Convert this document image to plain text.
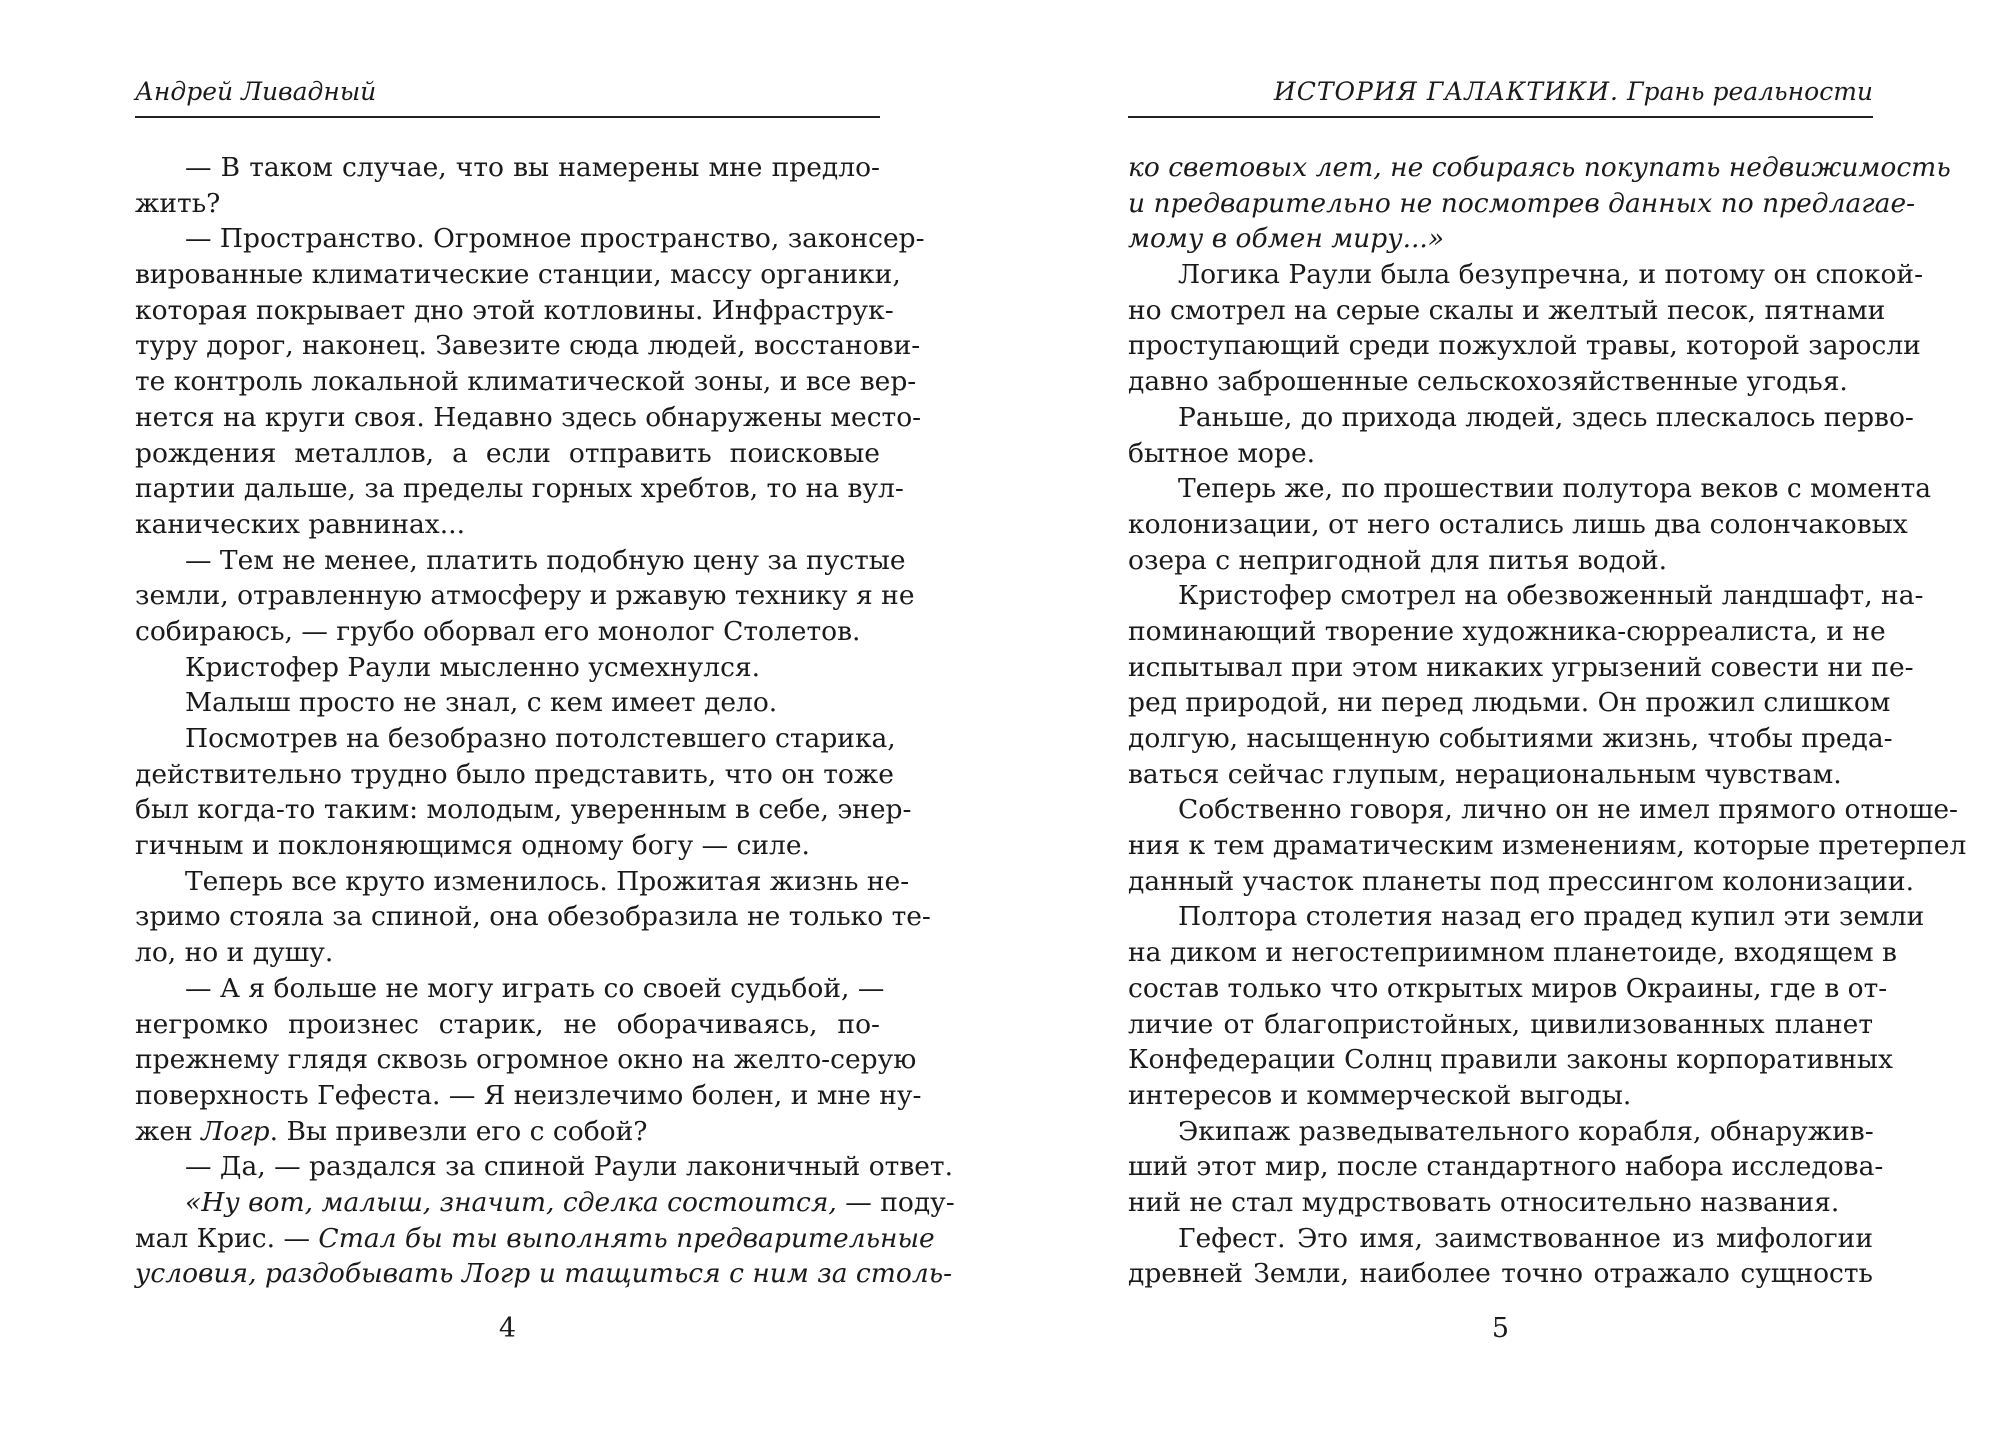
Андрей Ливадный
— В таком случае, что вы намерены мне предло-
жить?
— Пространство. Огромное пространство, законсер-
вированные климатические станции, массу органики,
которая покрывает дно этой котловины. Инфраструк-
туру дорог, наконец. Завезите сюда людей, восстанови-
те контроль локальной климатической зоны, и все вер-
нется на круги своя. Недавно здесь обнаружены место-
рождения металлов, а если отправить поисковые
партии дальше, за пределы горных хребтов, то на вул-
канических равнинах...
— Тем не менее, платить подобную цену за пустые
земли, отравленную атмосферу и ржавую технику я не
собираюсь, — грубо оборвал его монолог Столетов.
Кристофер Раули мысленно усмехнулся.
Малыш просто не знал, с кем имеет дело.
Посмотрев на безобразно потолстевшего старика,
действительно трудно было представить, что он тоже
был когда-то таким: молодым, уверенным в себе, энер-
гичным и поклоняющимся одному богу — силе.
Теперь все круто изменилось. Прожитая жизнь не-
зримо стояла за спиной, она обезобразила не только те-
ло, но и душу.
— А я больше не могу играть со своей судьбой, —
негромко произнес старик, не оборачиваясь, по-
прежнему глядя сквозь огромное окно на желто-серую
поверхность Гефеста. — Я неизлечимо болен, и мне ну-
жен Логр. Вы привезли его с собой?
— Да, — раздался за спиной Раули лаконичный ответ.
«Ну вот, малыш, значит, сделка состоится, — поду-
мал Крис. — Стал бы ты выполнять предварительные
условия, раздобывать Логр и тащиться с ним за столь-
4
ИСТОРИЯ ГАЛАКТИКИ. Грань реальности
ко световых лет, не собираясь покупать недвижимость
и предварительно не посмотрев данных по предлагае-
мому в обмен миру...»
Логика Раули была безупречна, и потому он спокой-
но смотрел на серые скалы и желтый песок, пятнами
проступающий среди пожухлой травы, которой заросли
давно заброшенные сельскохозяйственные угодья.
Раньше, до прихода людей, здесь плескалось перво-
бытное море.
Теперь же, по прошествии полутора веков с момента
колонизации, от него остались лишь два солончаковых
озера с непригодной для питья водой.
Кристофер смотрел на обезвоженный ландшафт, на-
поминающий творение художника-сюрреалиста, и не
испытывал при этом никаких угрызений совести ни пе-
ред природой, ни перед людьми. Он прожил слишком
долгую, насыщенную событиями жизнь, чтобы преда-
ваться сейчас глупым, нерациональным чувствам.
Собственно говоря, лично он не имел прямого отноше-
ния к тем драматическим изменениям, которые претерпел
данный участок планеты под прессингом колонизации.
Полтора столетия назад его прадед купил эти земли
на диком и негостеприимном планетоиде, входящем в
состав только что открытых миров Окраины, где в от-
личие от благопристойных, цивилизованных планет
Конфедерации Солнц правили законы корпоративных
интересов и коммерческой выгоды.
Экипаж разведывательного корабля, обнаружив-
ший этот мир, после стандартного набора исследова-
ний не стал мудрствовать относительно названия.
Гефест. Это имя, заимствованное из мифологии
древней Земли, наиболее точно отражало сущность
5
